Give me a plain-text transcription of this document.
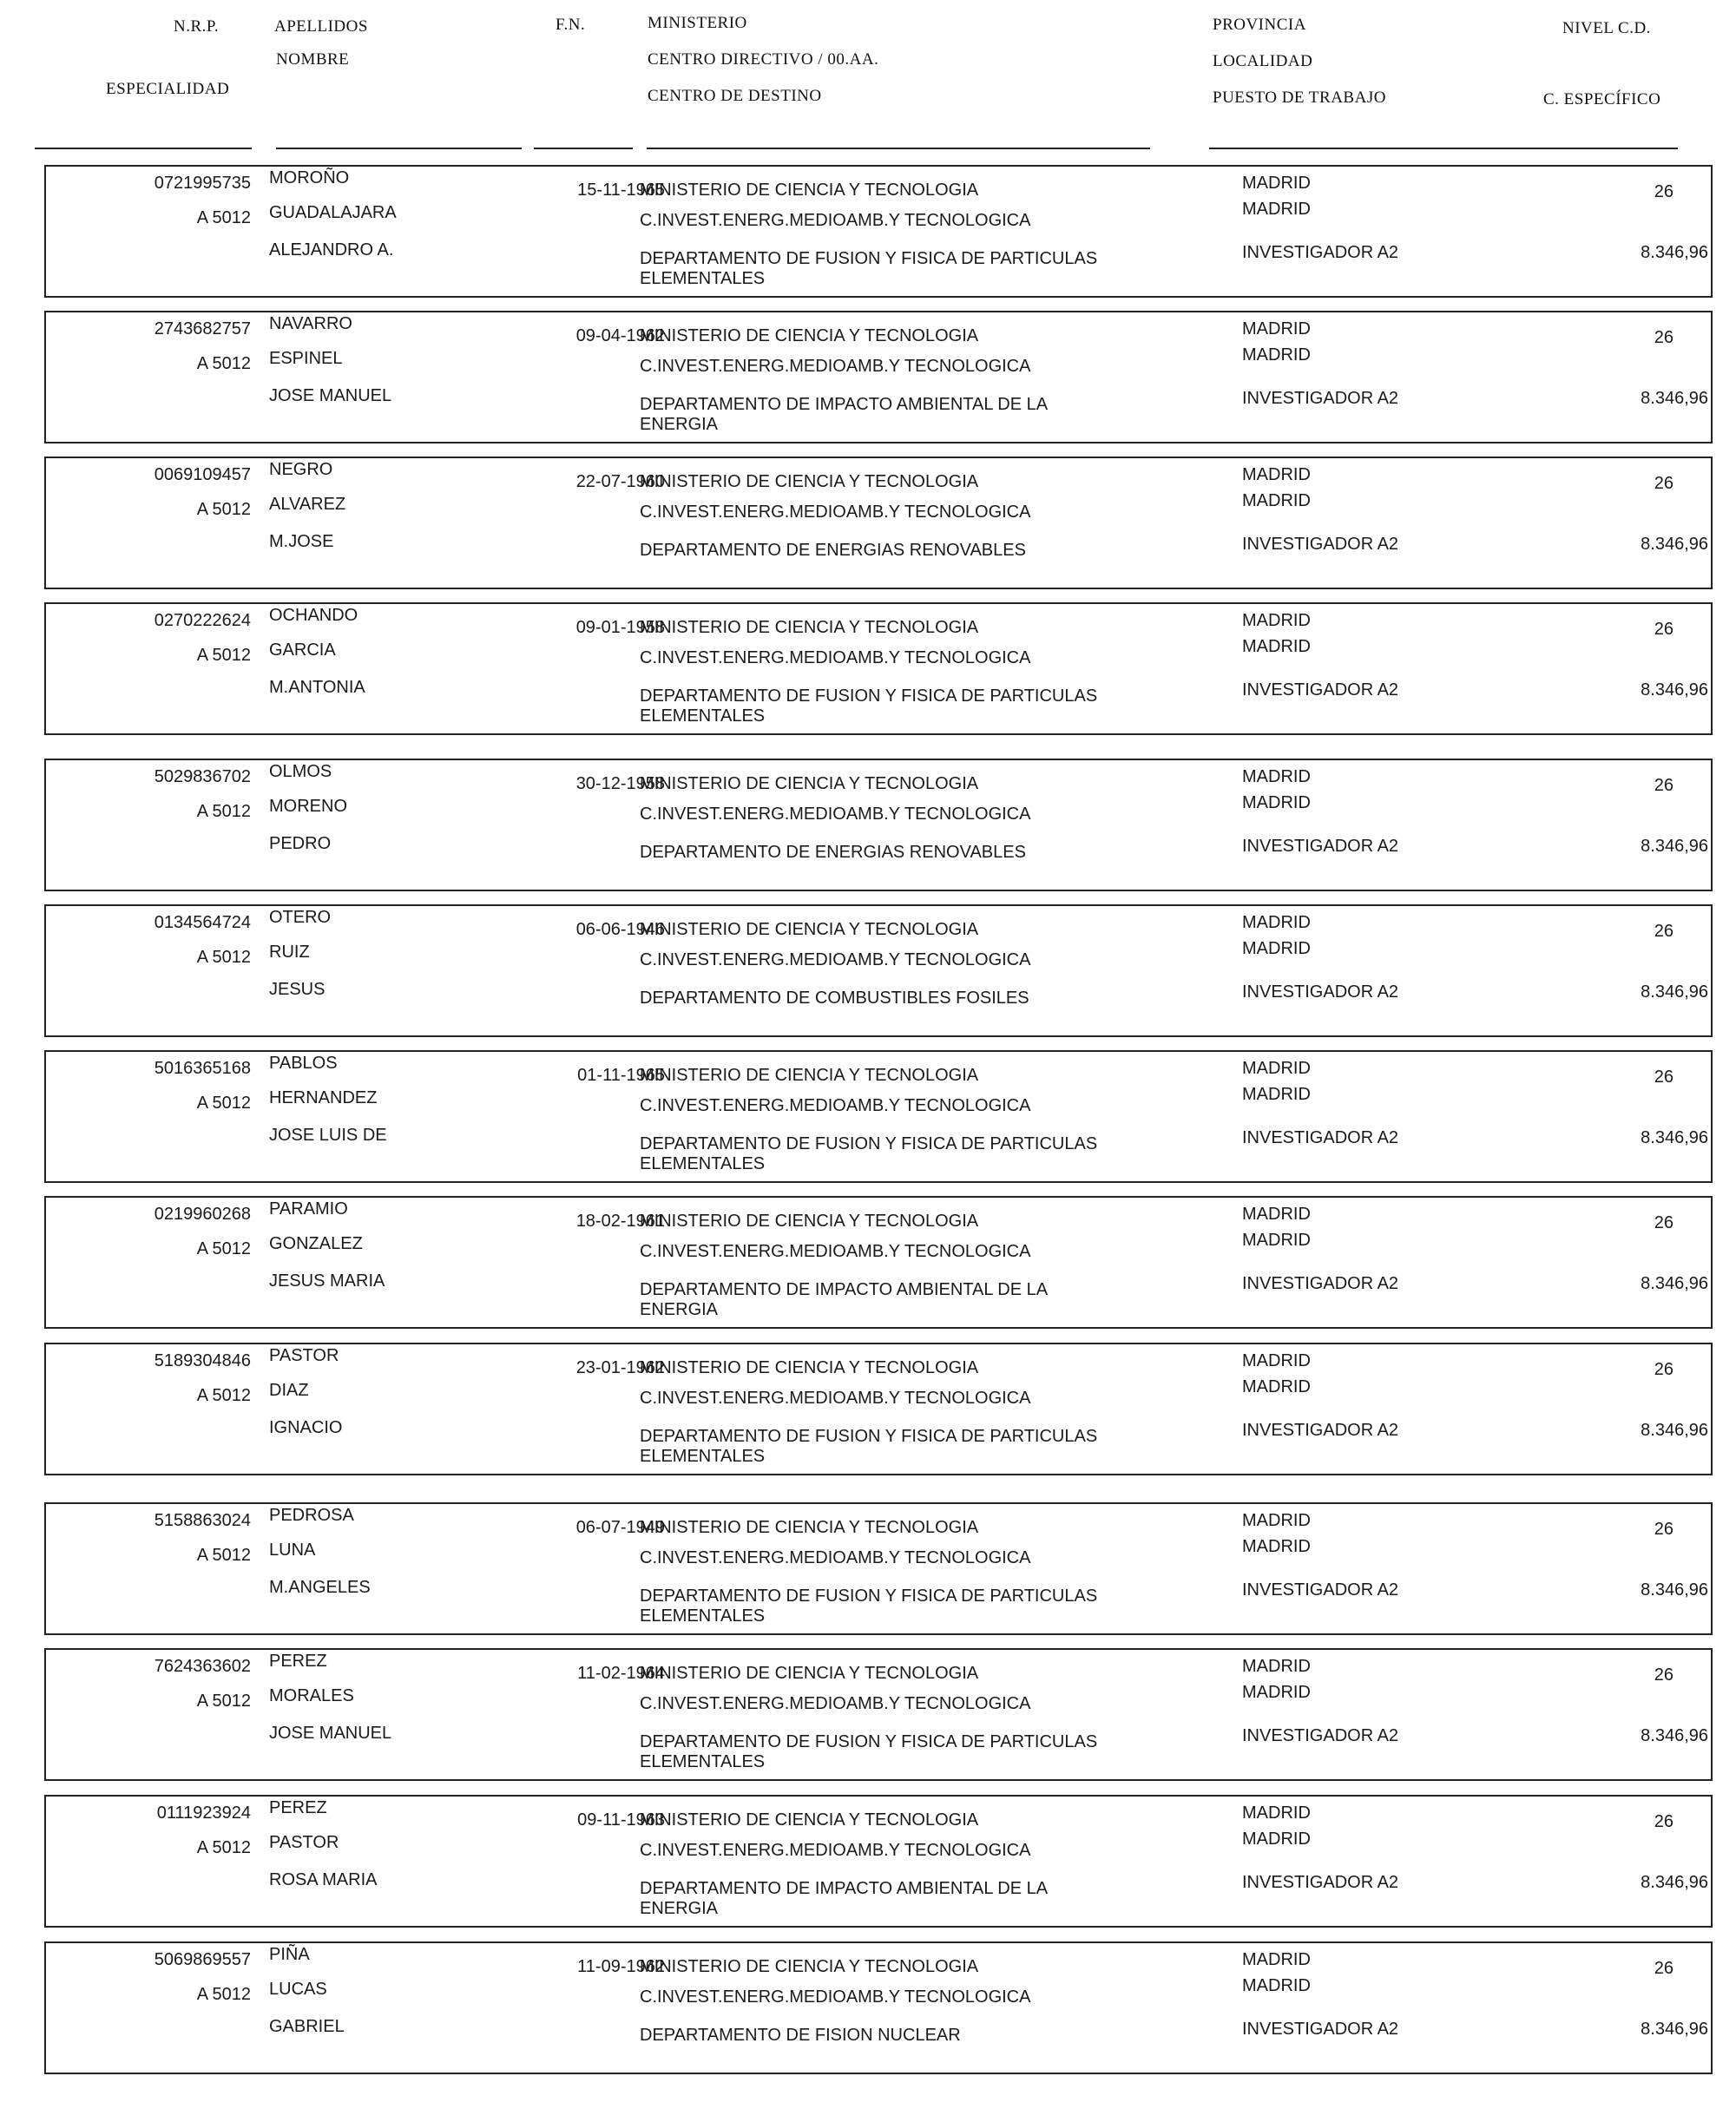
N.R.P.	APELLIDOS
NOMBRE
ESPECIALIDAD
F.N.	MINISTERIO
CENTRO DIRECTIVO / 00.AA.
CENTRO DE DESTINO
PROVINCIA
LOCALIDAD
PUESTO DE TRABAJO
NIVEL C.D.
C. ESPECÍFICO
0721995735
A 5012
MOROÑO
GUADALAJARA
ALEJANDRO A.
15-11-1965
MINISTERIO DE CIENCIA Y TECNOLOGIA
C.INVEST.ENERG.MEDIOAMB.Y TECNOLOGICA
DEPARTAMENTO DE FUSION Y FISICA DE PARTICULAS ELEMENTALES
MADRID
MADRID
INVESTIGADOR A2
26
8.346,96
2743682757
A 5012
NAVARRO
ESPINEL
JOSE MANUEL
09-04-1962
MINISTERIO DE CIENCIA Y TECNOLOGIA
C.INVEST.ENERG.MEDIOAMB.Y TECNOLOGICA
DEPARTAMENTO DE IMPACTO AMBIENTAL DE LA ENERGIA
MADRID
MADRID
INVESTIGADOR A2
26
8.346,96
0069109457
A 5012
NEGRO
ALVAREZ
M.JOSE
22-07-1960
MINISTERIO DE CIENCIA Y TECNOLOGIA
C.INVEST.ENERG.MEDIOAMB.Y TECNOLOGICA
DEPARTAMENTO DE ENERGIAS RENOVABLES
MADRID
MADRID
INVESTIGADOR A2
26
8.346,96
0270222624
A 5012
OCHANDO
GARCIA
M.ANTONIA
09-01-1958
MINISTERIO DE CIENCIA Y TECNOLOGIA
C.INVEST.ENERG.MEDIOAMB.Y TECNOLOGICA
DEPARTAMENTO DE FUSION Y FISICA DE PARTICULAS ELEMENTALES
MADRID
MADRID
INVESTIGADOR A2
26
8.346,96
5029836702
A 5012
OLMOS
MORENO
PEDRO
30-12-1958
MINISTERIO DE CIENCIA Y TECNOLOGIA
C.INVEST.ENERG.MEDIOAMB.Y TECNOLOGICA
DEPARTAMENTO DE ENERGIAS RENOVABLES
MADRID
MADRID
INVESTIGADOR A2
26
8.346,96
0134564724
A 5012
OTERO
RUIZ
JESUS
06-06-1946
MINISTERIO DE CIENCIA Y TECNOLOGIA
C.INVEST.ENERG.MEDIOAMB.Y TECNOLOGICA
DEPARTAMENTO DE COMBUSTIBLES FOSILES
MADRID
MADRID
INVESTIGADOR A2
26
8.346,96
5016365168
A 5012
PABLOS
HERNANDEZ
JOSE LUIS DE
01-11-1965
MINISTERIO DE CIENCIA Y TECNOLOGIA
C.INVEST.ENERG.MEDIOAMB.Y TECNOLOGICA
DEPARTAMENTO DE FUSION Y FISICA DE PARTICULAS ELEMENTALES
MADRID
MADRID
INVESTIGADOR A2
26
8.346,96
0219960268
A 5012
PARAMIO
GONZALEZ
JESUS MARIA
18-02-1961
MINISTERIO DE CIENCIA Y TECNOLOGIA
C.INVEST.ENERG.MEDIOAMB.Y TECNOLOGICA
DEPARTAMENTO DE IMPACTO AMBIENTAL DE LA ENERGIA
MADRID
MADRID
INVESTIGADOR A2
26
8.346,96
5189304846
A 5012
PASTOR
DIAZ
IGNACIO
23-01-1962
MINISTERIO DE CIENCIA Y TECNOLOGIA
C.INVEST.ENERG.MEDIOAMB.Y TECNOLOGICA
DEPARTAMENTO DE FUSION Y FISICA DE PARTICULAS ELEMENTALES
MADRID
MADRID
INVESTIGADOR A2
26
8.346,96
5158863024
A 5012
PEDROSA
LUNA
M.ANGELES
06-07-1949
MINISTERIO DE CIENCIA Y TECNOLOGIA
C.INVEST.ENERG.MEDIOAMB.Y TECNOLOGICA
DEPARTAMENTO DE FUSION Y FISICA DE PARTICULAS ELEMENTALES
MADRID
MADRID
INVESTIGADOR A2
26
8.346,96
7624363602
A 5012
PEREZ
MORALES
JOSE MANUEL
11-02-1964
MINISTERIO DE CIENCIA Y TECNOLOGIA
C.INVEST.ENERG.MEDIOAMB.Y TECNOLOGICA
DEPARTAMENTO DE FUSION Y FISICA DE PARTICULAS ELEMENTALES
MADRID
MADRID
INVESTIGADOR A2
26
8.346,96
0111923924
A 5012
PEREZ
PASTOR
ROSA MARIA
09-11-1963
MINISTERIO DE CIENCIA Y TECNOLOGIA
C.INVEST.ENERG.MEDIOAMB.Y TECNOLOGICA
DEPARTAMENTO DE IMPACTO AMBIENTAL DE LA ENERGIA
MADRID
MADRID
INVESTIGADOR A2
26
8.346,96
5069869557
A 5012
PIÑA
LUCAS
GABRIEL
11-09-1962
MINISTERIO DE CIENCIA Y TECNOLOGIA
C.INVEST.ENERG.MEDIOAMB.Y TECNOLOGICA
DEPARTAMENTO DE FISION NUCLEAR
MADRID
MADRID
INVESTIGADOR A2
26
8.346,96
